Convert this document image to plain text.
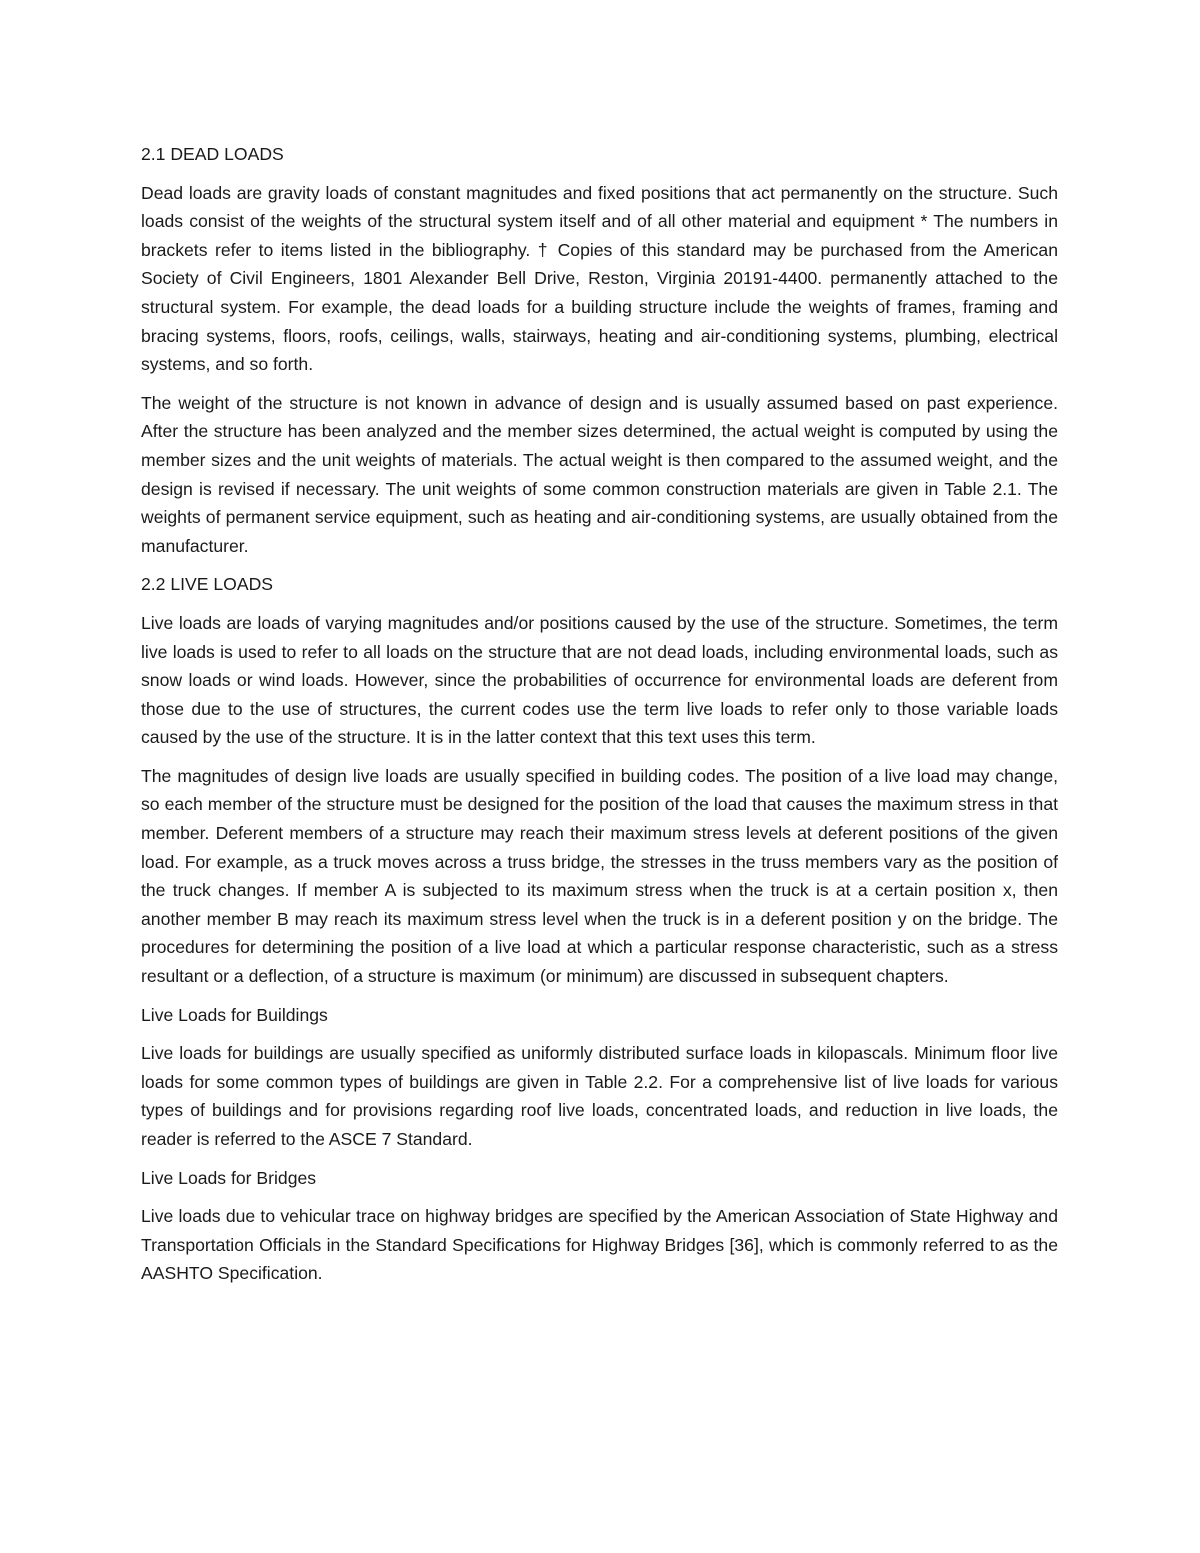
2.1 DEAD LOADS

Dead loads are gravity loads of constant magnitudes and fixed positions that act permanently on the structure. Such loads consist of the weights of the structural system itself and of all other material and equipment * The numbers in brackets refer to items listed in the bibliography. † Copies of this standard may be purchased from the American Society of Civil Engineers, 1801 Alexander Bell Drive, Reston, Virginia 20191-4400. permanently attached to the structural system. For example, the dead loads for a building structure include the weights of frames, framing and bracing systems, floors, roofs, ceilings, walls, stairways, heating and air-conditioning systems, plumbing, electrical systems, and so forth.

The weight of the structure is not known in advance of design and is usually assumed based on past experience. After the structure has been analyzed and the member sizes determined, the actual weight is computed by using the member sizes and the unit weights of materials. The actual weight is then compared to the assumed weight, and the design is revised if necessary. The unit weights of some common construction materials are given in Table 2.1. The weights of permanent service equipment, such as heating and air-conditioning systems, are usually obtained from the manufacturer.

2.2 LIVE LOADS

Live loads are loads of varying magnitudes and/or positions caused by the use of the structure. Sometimes, the term live loads is used to refer to all loads on the structure that are not dead loads, including environmental loads, such as snow loads or wind loads. However, since the probabilities of occurrence for environmental loads are deferent from those due to the use of structures, the current codes use the term live loads to refer only to those variable loads caused by the use of the structure. It is in the latter context that this text uses this term.

The magnitudes of design live loads are usually specified in building codes. The position of a live load may change, so each member of the structure must be designed for the position of the load that causes the maximum stress in that member. Deferent members of a structure may reach their maximum stress levels at deferent positions of the given load. For example, as a truck moves across a truss bridge, the stresses in the truss members vary as the position of the truck changes. If member A is subjected to its maximum stress when the truck is at a certain position x, then another member B may reach its maximum stress level when the truck is in a deferent position y on the bridge. The procedures for determining the position of a live load at which a particular response characteristic, such as a stress resultant or a deflection, of a structure is maximum (or minimum) are discussed in subsequent chapters.

Live Loads for Buildings

Live loads for buildings are usually specified as uniformly distributed surface loads in kilopascals. Minimum floor live loads for some common types of buildings are given in Table 2.2. For a comprehensive list of live loads for various types of buildings and for provisions regarding roof live loads, concentrated loads, and reduction in live loads, the reader is referred to the ASCE 7 Standard.

Live Loads for Bridges

Live loads due to vehicular trace on highway bridges are specified by the American Association of State Highway and Transportation Officials in the Standard Specifications for Highway Bridges [36], which is commonly referred to as the AASHTO Specification.
